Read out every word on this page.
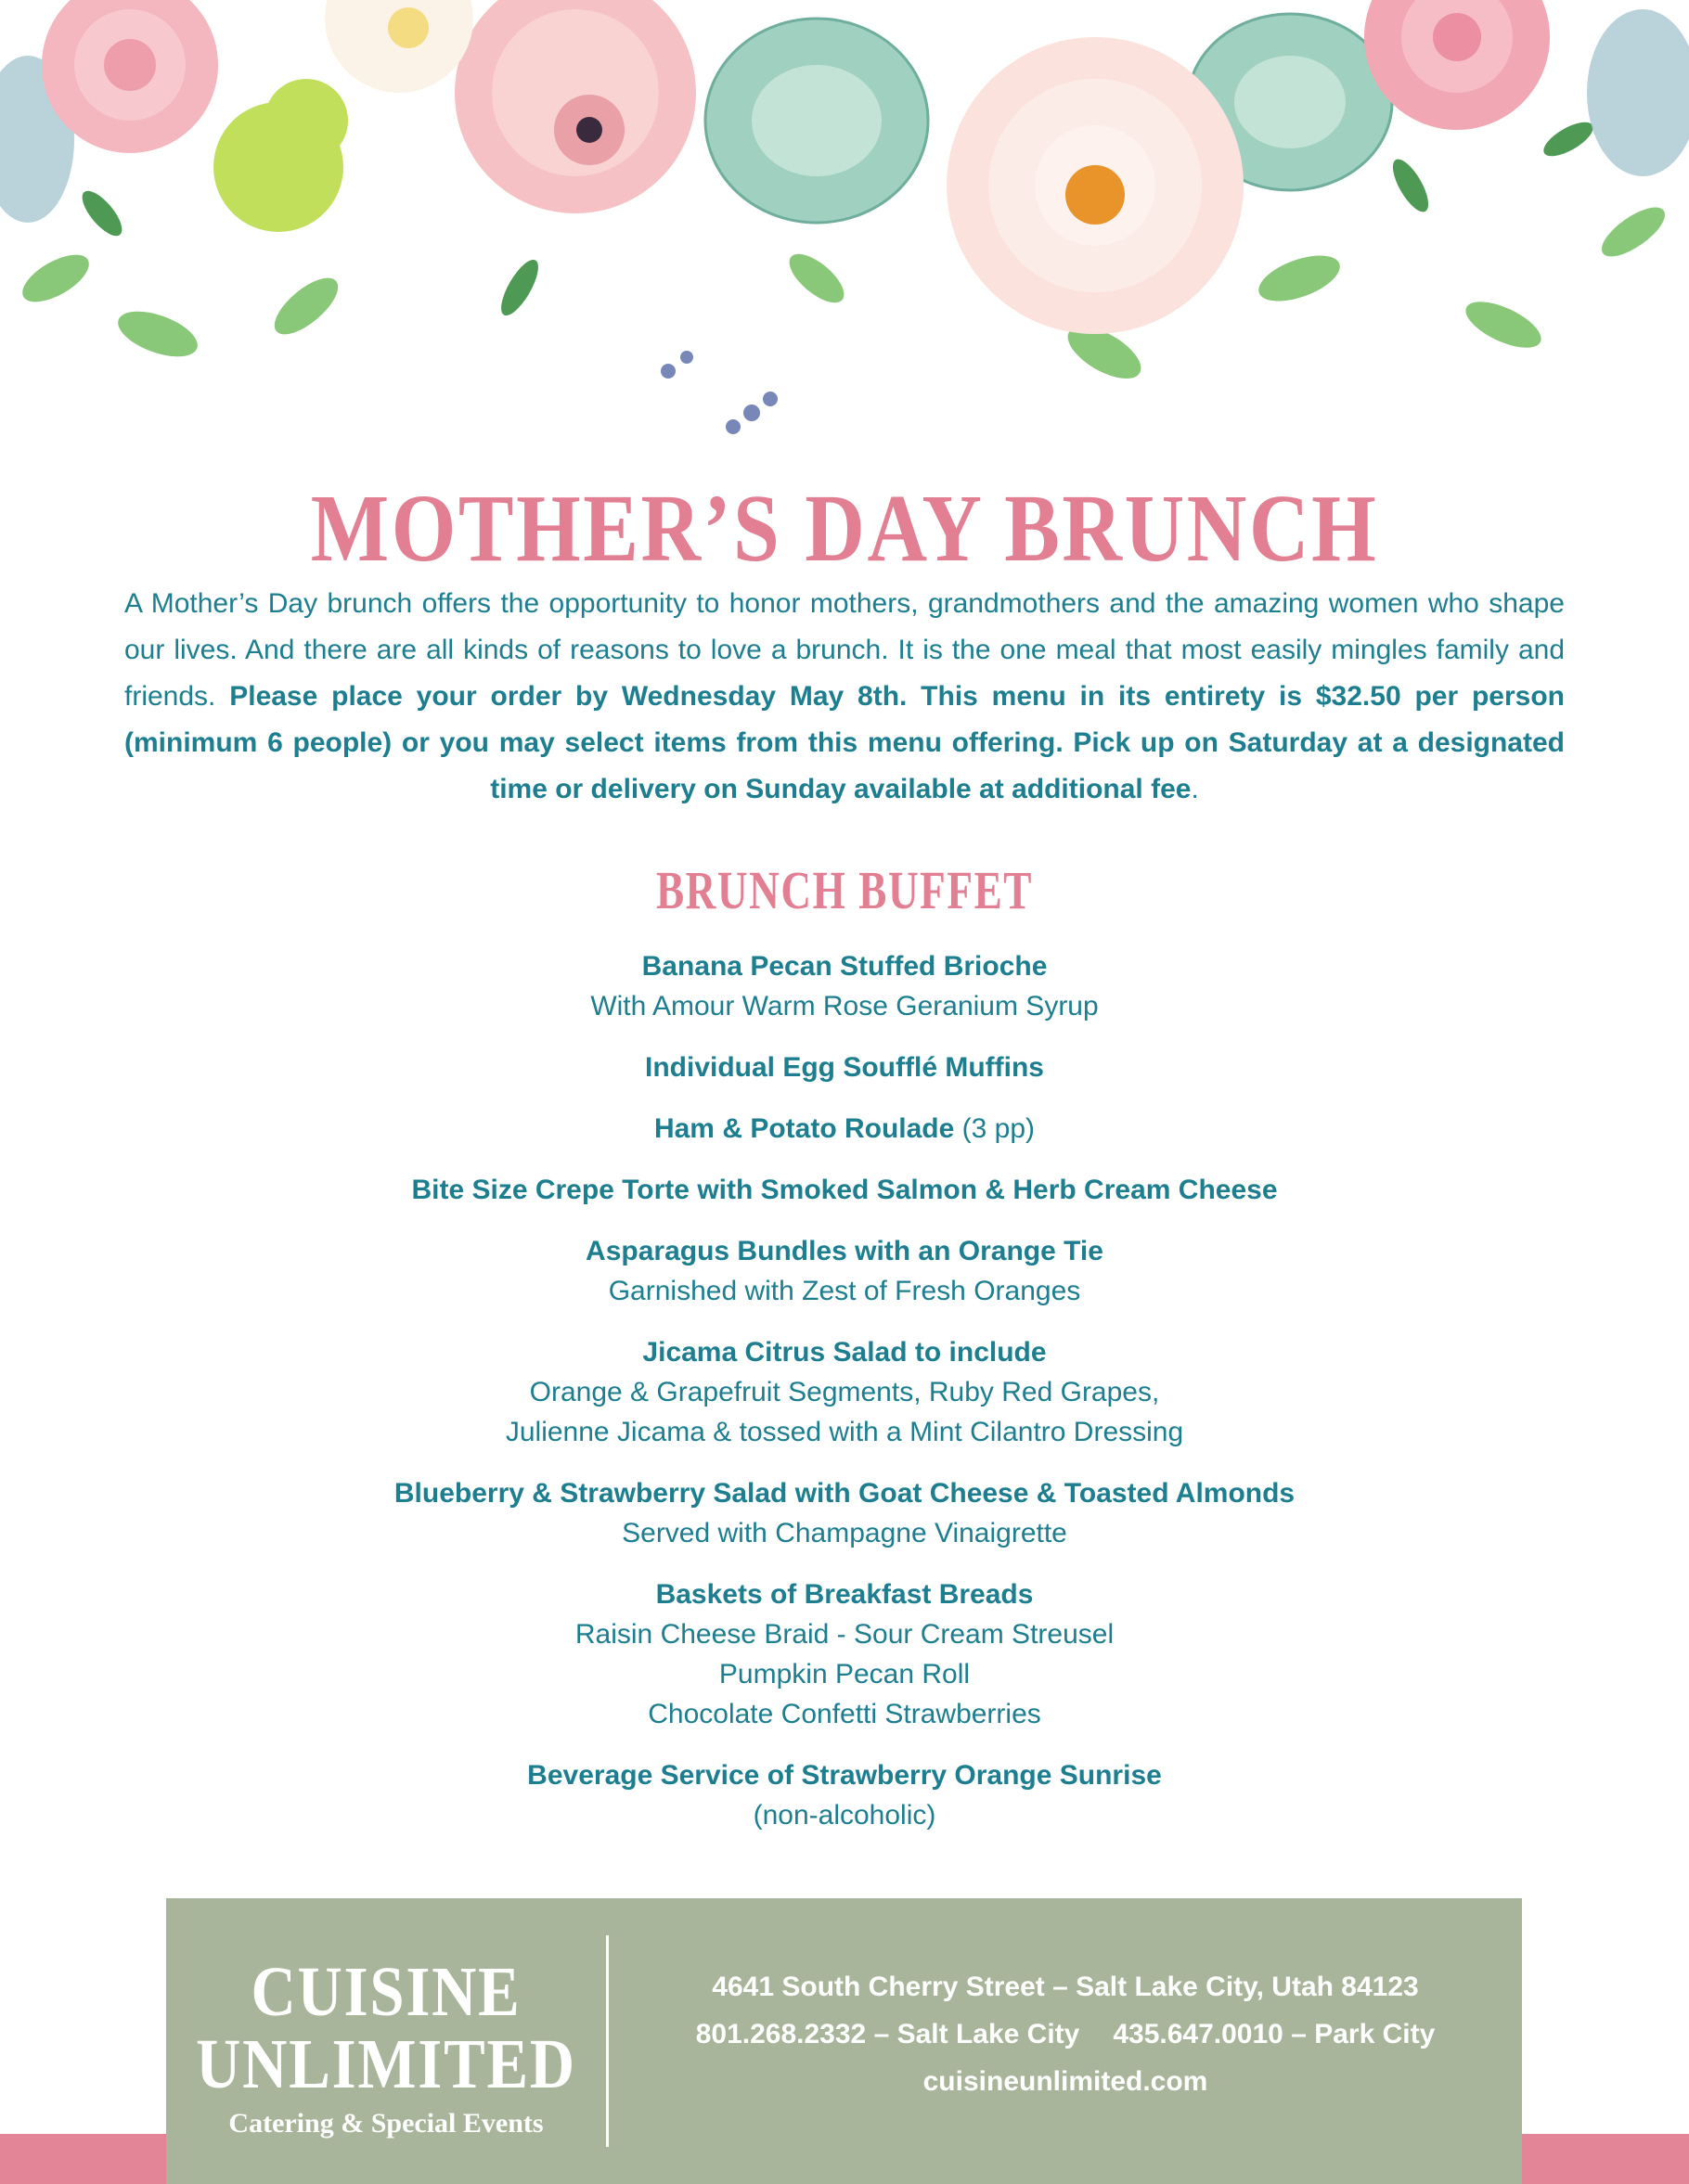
MOTHER’S DAY BRUNCH
A Mother’s Day brunch offers the opportunity to honor mothers, grandmothers and the amazing women who shape our lives. And there are all kinds of reasons to love a brunch. It is the one meal that most easily mingles family and friends. Please place your order by Wednesday May 8th. This menu in its entirety is $32.50 per person (minimum 6 people) or you may select items from this menu offering. Pick up on Saturday at a designated time or delivery on Sunday available at additional fee.
BRUNCH BUFFET
Banana Pecan Stuffed Brioche
With Amour Warm Rose Geranium Syrup
Individual Egg Soufflé Muffins
Ham & Potato Roulade (3 pp)
Bite Size Crepe Torte with Smoked Salmon & Herb Cream Cheese
Asparagus Bundles with an Orange Tie
Garnished with Zest of Fresh Oranges
Jicama Citrus Salad to include
Orange & Grapefruit Segments, Ruby Red Grapes,
Julienne Jicama & tossed with a Mint Cilantro Dressing
Blueberry & Strawberry Salad with Goat Cheese & Toasted Almonds
Served with Champagne Vinaigrette
Baskets of Breakfast Breads
Raisin Cheese Braid - Sour Cream Streusel
Pumpkin Pecan Roll
Chocolate Confetti Strawberries
Beverage Service of Strawberry Orange Sunrise
(non-alcoholic)
CUISINE
UNLIMITED
Catering & Special Events
4641 South Cherry Street – Salt Lake City, Utah 84123
801.268.2332 – Salt Lake City 435.647.0010 – Park City
cuisineunlimited.com
